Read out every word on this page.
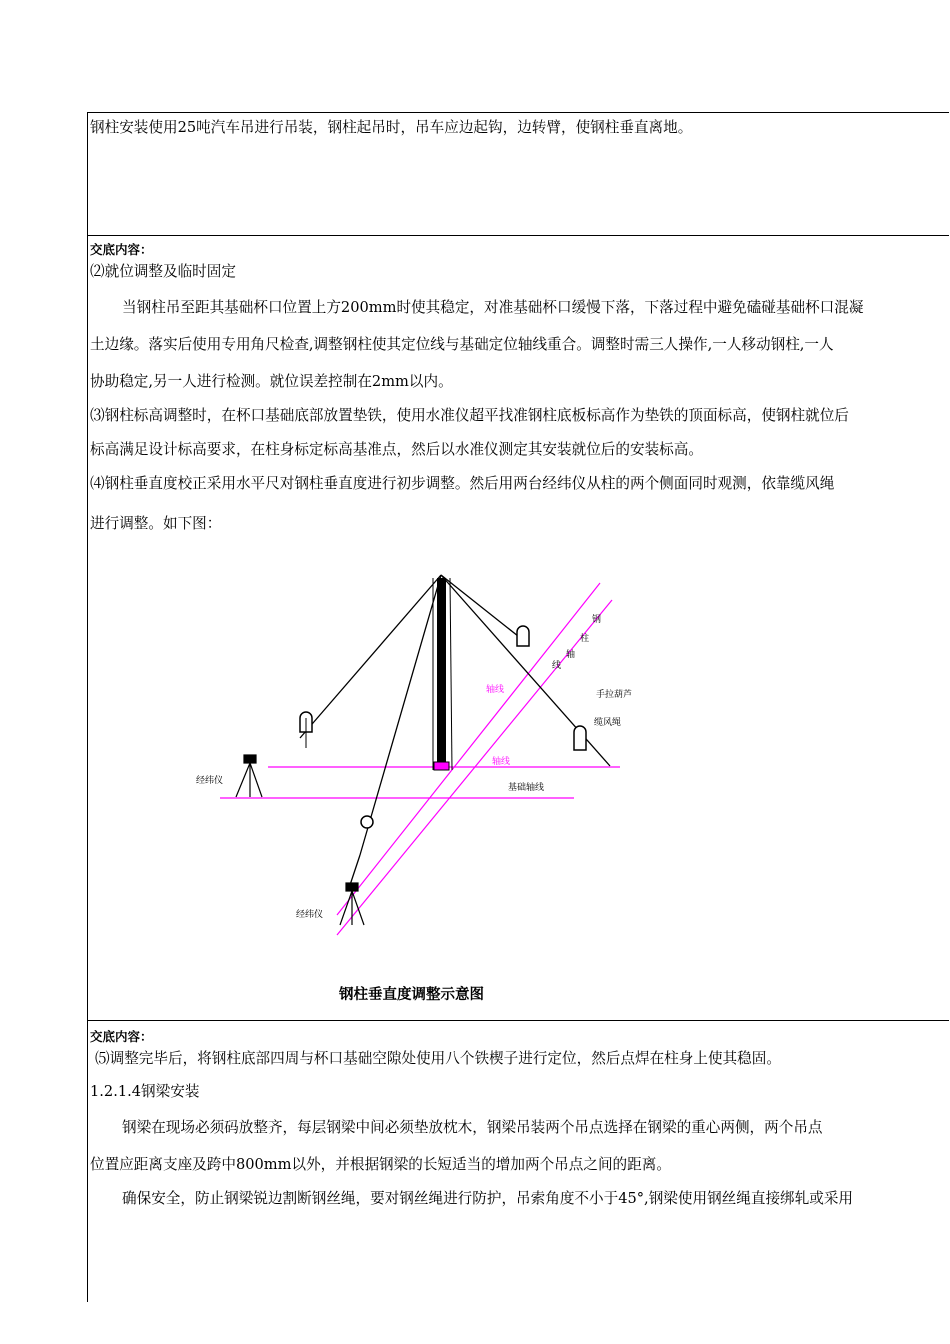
钢柱安装使用25吨汽车吊进行吊装，钢柱起吊时，吊车应边起钩，边转臂，使钢柱垂直离地。
交底内容：
⑵就位调整及临时固定
当钢柱吊至距其基础杯口位置上方200mm时使其稳定，对准基础杯口缓慢下落，下落过程中避免磕碰基础杯口混凝
土边缘。落实后使用专用角尺检查,调整钢柱使其定位线与基础定位轴线重合。调整时需三人操作,一人移动钢柱,一人
协助稳定,另一人进行检测。就位误差控制在2mm以内。
⑶钢柱标高调整时，在杯口基础底部放置垫铁，使用水准仪超平找准钢柱底板标高作为垫铁的顶面标高，使钢柱就位后
标高满足设计标高要求，在柱身标定标高基准点，然后以水准仪测定其安装就位后的安装标高。
⑷钢柱垂直度校正采用水平尺对钢柱垂直度进行初步调整。然后用两台经纬仪从柱的两个侧面同时观测，依靠缆风绳
进行调整。如下图：
经纬仪
经纬仪
手拉葫芦
缆风绳
轴线
轴线
基础轴线
钢
柱
轴
线
钢柱垂直度调整示意图
交底内容：
⑸调整完毕后，将钢柱底部四周与杯口基础空隙处使用八个铁楔子进行定位，然后点焊在柱身上使其稳固。
1.2.1.4钢梁安装
钢梁在现场必须码放整齐，每层钢梁中间必须垫放枕木，钢梁吊装两个吊点选择在钢梁的重心两侧，两个吊点
位置应距离支座及跨中800mm以外，并根据钢梁的长短适当的增加两个吊点之间的距离。
确保安全，防止钢梁锐边割断钢丝绳，要对钢丝绳进行防护，吊索角度不小于45°,钢梁使用钢丝绳直接绑轧或采用
